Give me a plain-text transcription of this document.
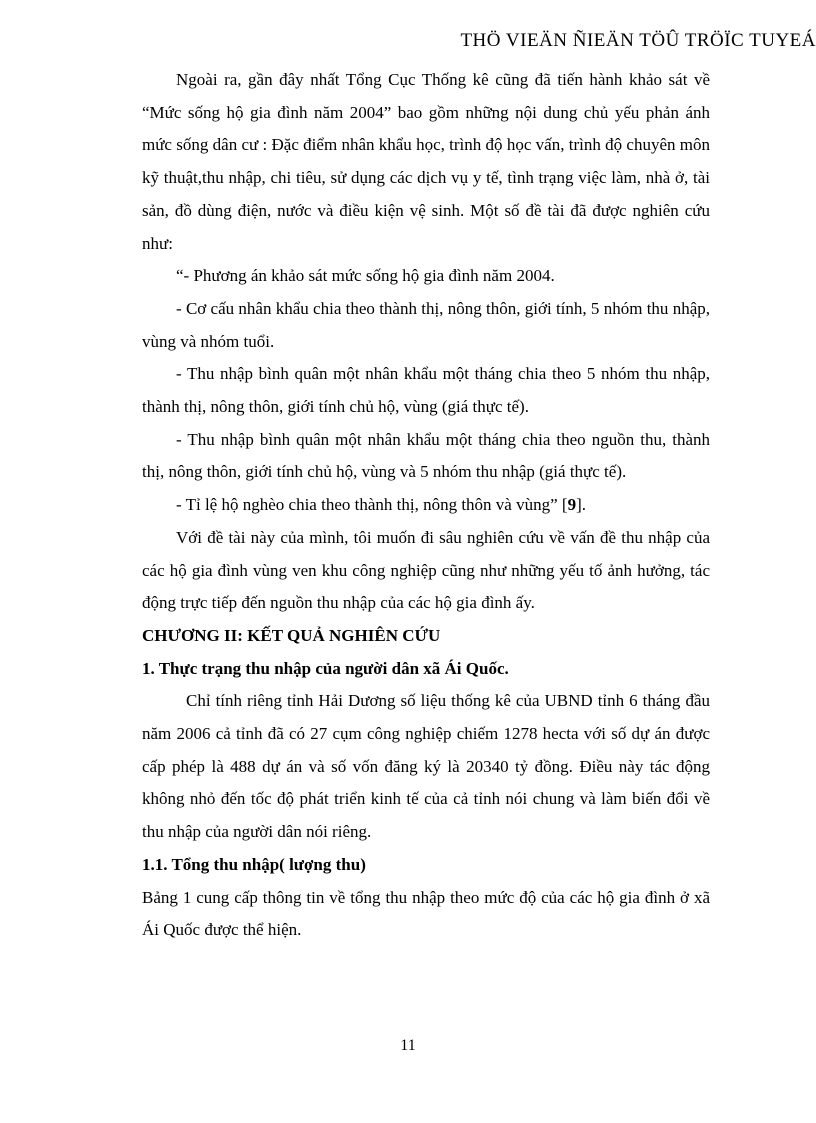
THÖ VIEÄN ÑIEÄN TÖÛ TRÖÏC TUYEÁ

Ngoài ra, gần đây nhất Tổng Cục Thống kê cũng đã tiến hành khảo sát về “Mức sống hộ gia đình năm 2004” bao gồm những nội dung chủ yếu phản ánh mức sống dân cư : Đặc điểm nhân khẩu học, trình độ học vấn, trình độ chuyên môn kỹ thuật,thu nhập, chi tiêu, sử dụng các dịch vụ y tế, tình trạng việc làm, nhà ở, tài sản, đồ dùng điện, nước và điều kiện vệ sinh. Một số đề tài đã được nghiên cứu như:

“- Phương án khảo sát mức sống hộ gia đình năm 2004.

- Cơ cấu nhân khẩu chia theo thành thị, nông thôn, giới tính, 5 nhóm thu nhập, vùng và nhóm tuổi.

- Thu nhập bình quân một nhân khẩu một tháng chia theo 5 nhóm thu nhập, thành thị, nông thôn, giới tính chủ hộ, vùng (giá thực tế).

- Thu nhập bình quân một nhân khẩu một tháng chia theo nguồn thu, thành thị, nông thôn, giới tính chủ hộ, vùng và 5 nhóm thu nhập (giá thực tế).

- Tỉ lệ hộ nghèo chia theo thành thị, nông thôn và vùng” [9].

Với đề tài này của mình, tôi muốn đi sâu nghiên cứu về vấn đề thu nhập của các hộ gia đình vùng ven khu công nghiệp cũng như những yếu tố ảnh hưởng, tác động trực tiếp đến nguồn thu nhập của các hộ gia đình ấy.

CHƯƠNG II: KẾT QUẢ NGHIÊN CỨU

1. Thực trạng thu nhập của người dân xã Ái Quốc.

Chỉ tính riêng tỉnh Hải Dương số liệu thống kê của UBND tỉnh 6 tháng đầu năm 2006 cả tỉnh đã có 27 cụm công nghiệp chiếm 1278 hecta với số dự án được cấp phép là 488 dự án và số vốn đăng ký là 20340 tỷ đồng. Điều này tác động không nhỏ đến tốc độ phát triển kinh tế của cả tỉnh nói chung và làm biến đổi về thu nhập của người dân nói riêng.

1.1. Tổng thu nhập( lượng thu)

Bảng 1 cung cấp thông tin về tổng thu nhập theo mức độ của các hộ gia đình ở xã Ái Quốc được thể hiện.

11
